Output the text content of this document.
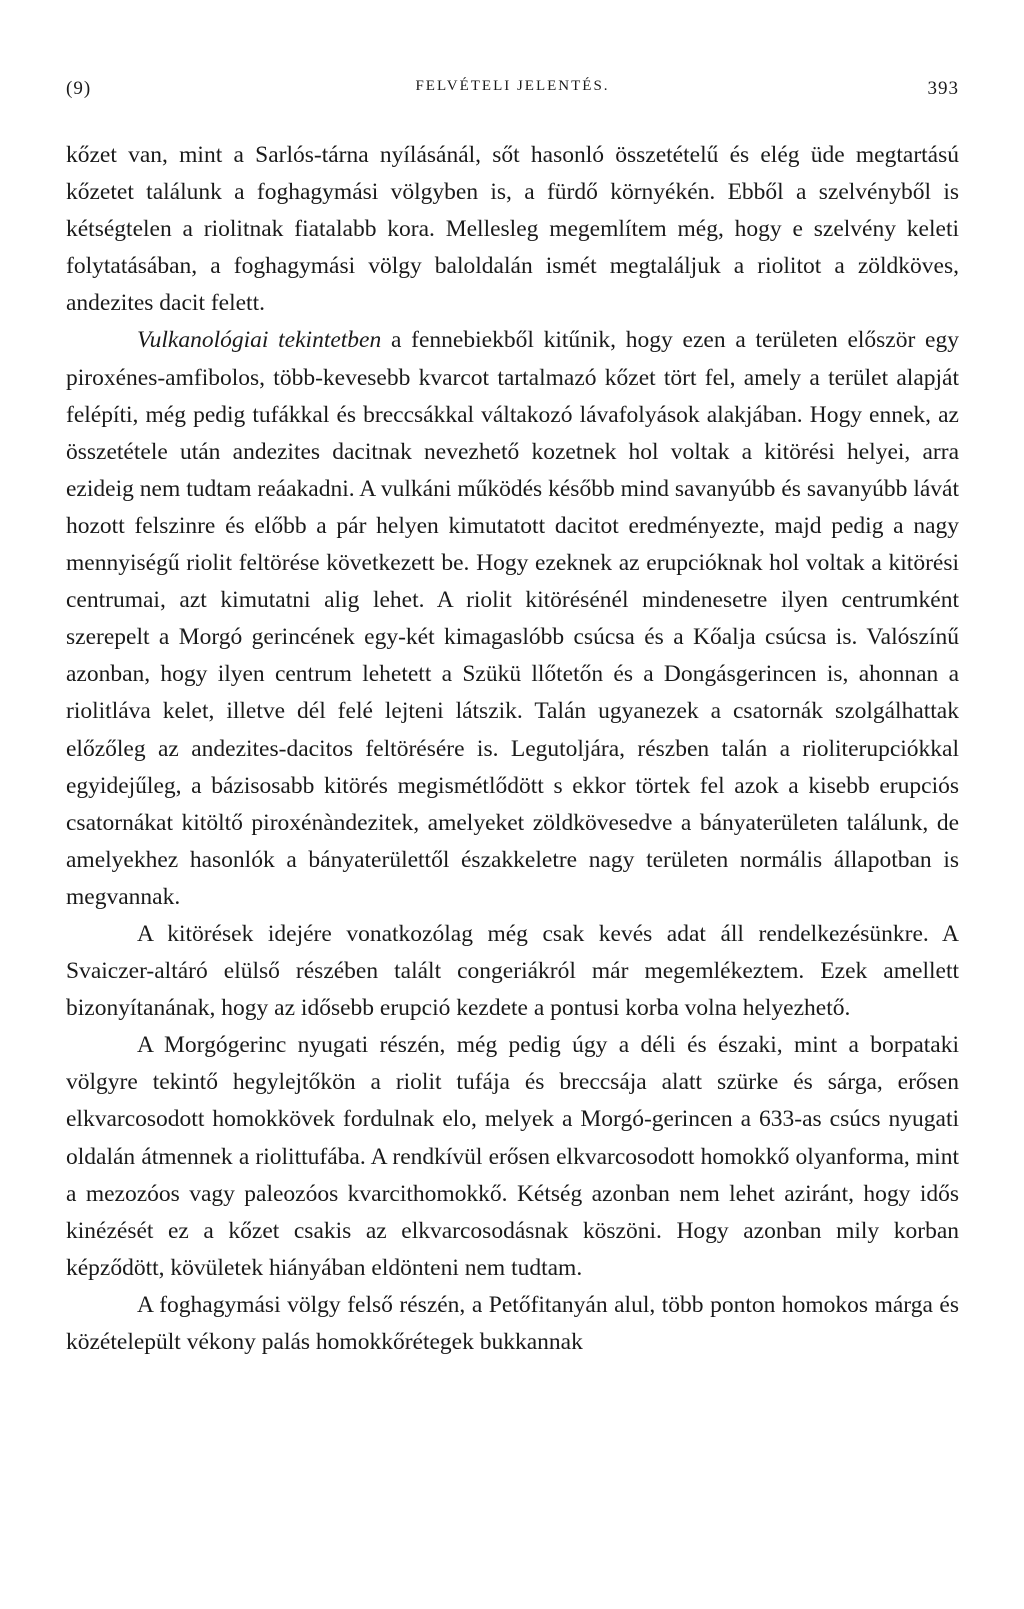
(9)	FELVÉTELI JELENTÉS.	393

kőzet van, mint a Sarlós-tárna nyílásánál, sőt hasonló összetételű és elég üde megtartású kőzetet találunk a foghagymási völgyben is, a fürdő környékén. Ebből a szelvényből is kétségtelen a riolitnak fiatalabb kora. Mellesleg megemlítem még, hogy e szelvény keleti folytatásában, a foghagymási völgy baloldalán ismét megtaláljuk a riolitot a zöldköves, andezites dacit felett.

Vulkanológiai tekintetben a fennebiekből kitűnik, hogy ezen a területen először egy piroxénes-amfibolos, több-kevesebb kvarcot tartalmazó kőzet tört fel, amely a terület alapját felépíti, még pedig tufákkal és breccsákkal váltakozó lávafolyások alakjában. Hogy ennek, az összetétele után andezites dacitnak nevezhető kozetnek hol voltak a kitörési helyei, arra ezideig nem tudtam reáakadni. A vulkáni működés később mind savanyúbb és savanyúbb lávát hozott felszinre és előbb a pár helyen kimutatott dacitot eredményezte, majd pedig a nagy mennyiségű riolit feltörése következett be. Hogy ezeknek az erupcióknak hol voltak a kitörési centrumai, azt kimutatni alig lehet. A riolit kitörésénél mindenesetre ilyen centrumként szerepelt a Morgó gerincének egy-két kimagaslóbb csúcsa és a Kőalja csúcsa is. Valószínű azonban, hogy ilyen centrum lehetett a Szükü llőtetőn és a Dongásgerincen is, ahonnan a riolitláva kelet, illetve dél felé lejteni látszik. Talán ugyanezek a csatornák szolgálhattak előzőleg az andezites-dacitos feltörésére is. Legutoljára, részben talán a rioliterupciókkal egyidejűleg, a bázisosabb kitörés megismétlődött s ekkor törtek fel azok a kisebb erupciós csatornákat kitöltő piroxénàndezitek, amelyeket zöldkövesedve a bányaterületen találunk, de amelyekhez hasonlók a bányaterülettől északkeletre nagy területen normális állapotban is megvannak.

A kitörések idejére vonatkozólag még csak kevés adat áll rendelkezésünkre. A Svaiczer-altáró elülső részében talált congeriákról már megemlékeztem. Ezek amellett bizonyítanának, hogy az idősebb erupció kezdete a pontusi korba volna helyezhető.

A Morgógerinc nyugati részén, még pedig úgy a déli és északi, mint a borpataki völgyre tekintő hegylejtőkön a riolit tufája és breccsája alatt szürke és sárga, erősen elkvarcosodott homokkövek fordulnak elo, melyek a Morgó-gerincen a 633-as csúcs nyugati oldalán átmennek a riolittufába. A rendkívül erősen elkvarcosodott homokkő olyanforma, mint a mezozóos vagy paleozóos kvarcithomokkő. Kétség azonban nem lehet aziránt, hogy idős kinézését ez a kőzet csakis az elkvarcosodásnak köszöni. Hogy azonban mily korban képződött, kövületek hiányában eldönteni nem tudtam.

A foghagymási völgy felső részén, a Petőfitanyán alul, több ponton homokos márga és közételepült vékony palás homokkőrétegek bukkannak
